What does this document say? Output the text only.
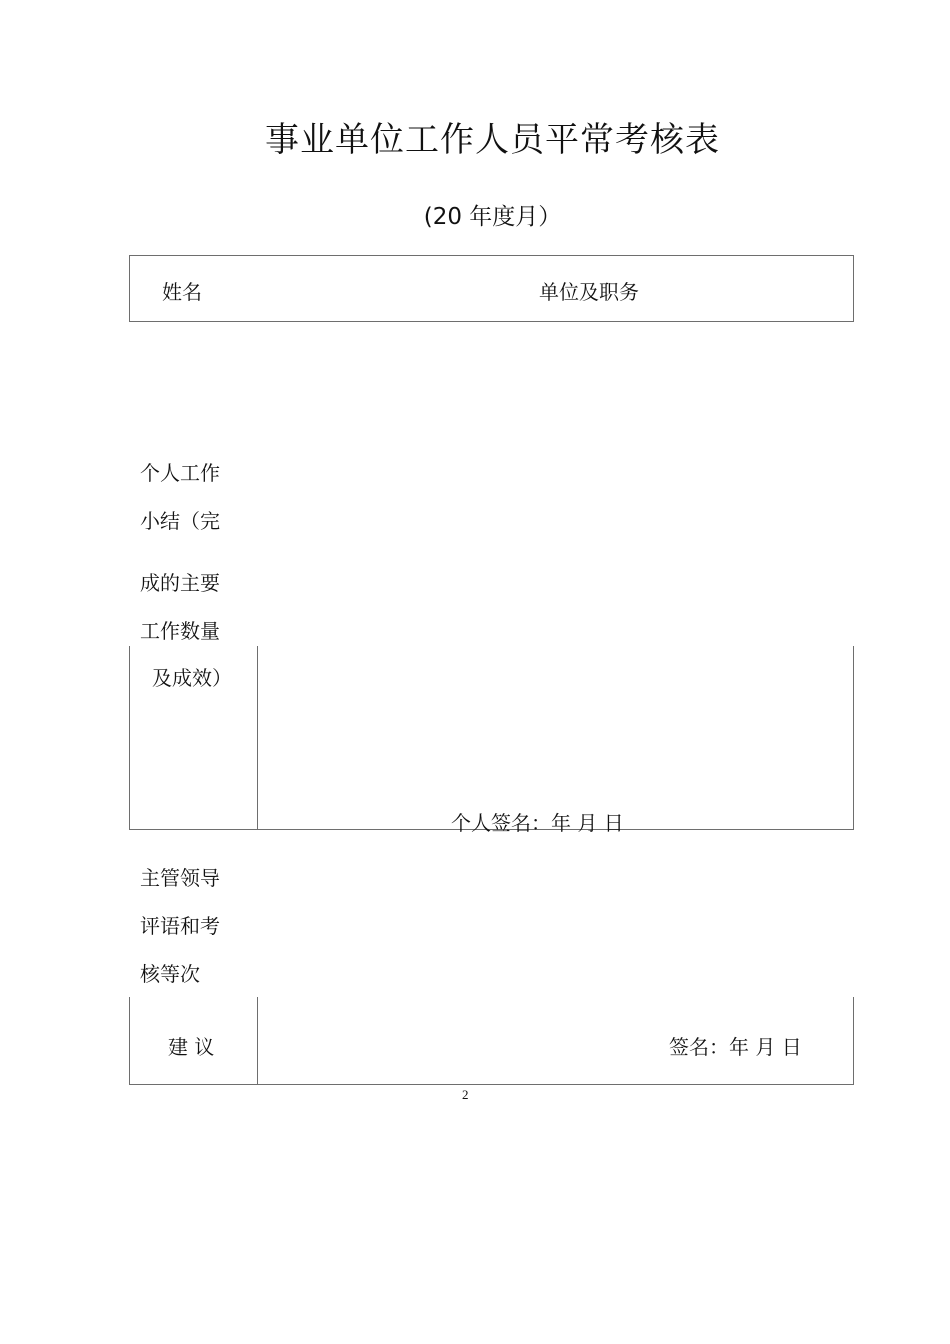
事业单位工作人员平常考核表
(20 年度月）
姓名	单位及职务
个人工作
小结（完
成的主要
工作数量
及成效）
个人签名：年 月 日
主管领导
评语和考
核等次
建 议	签名：年 月 日
2
